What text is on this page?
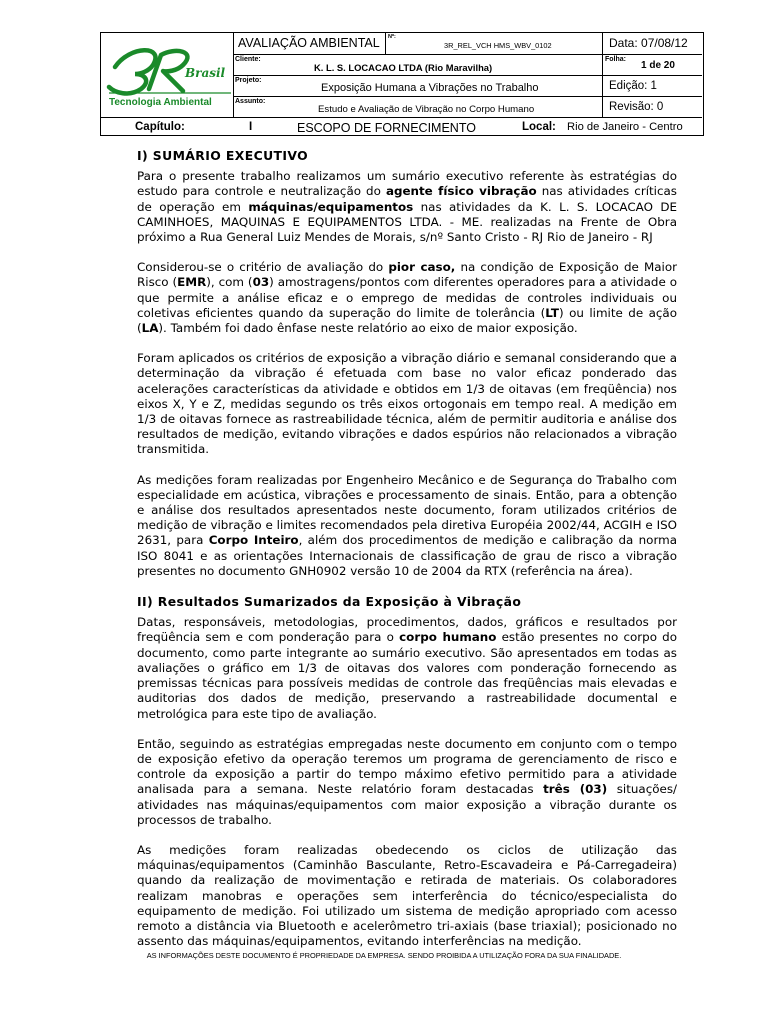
Brasil
Tecnologia Ambiental
AVALIAÇÃO AMBIENTAL Nº:
3R_REL_VCH HMS_WBV_0102	Data: 07/08/12
Cliente:
K. L. S. LOCACAO LTDA (Rio Maravilha)
Folha:
1 de 20
Projeto:
Exposição Humana a Vibrações no Trabalho	Edição: 1
Assunto:
Estudo e Avaliação de Vibração no Corpo Humano	Revisão: 0
Capítulo:	I	ESCOPO DE FORNECIMENTO	Local: Rio de Janeiro - Centro
I) SUMÁRIO EXECUTIVO

Para o presente trabalho realizamos um sumário executivo referente às estratégias do estudo para controle e neutralização do agente físico vibração nas atividades críticas de operação em máquinas/equipamentos nas atividades da K. L. S. LOCACAO DE CAMINHOES, MAQUINAS E EQUIPAMENTOS LTDA. - ME. realizadas na Frente de Obra próximo a Rua General Luiz Mendes de Morais, s/nº Santo Cristo - RJ Rio de Janeiro - RJ

Considerou-se o critério de avaliação do pior caso, na condição de Exposição de Maior Risco (EMR), com (03) amostragens/pontos com diferentes operadores para a atividade o que permite a análise eficaz e o emprego de medidas de controles individuais ou coletivas eficientes quando da superação do limite de tolerância (LT) ou limite de ação (LA). Também foi dado ênfase neste relatório ao eixo de maior exposição.

Foram aplicados os critérios de exposição a vibração diário e semanal considerando que a determinação da vibração é efetuada com base no valor eficaz ponderado das acelerações características da atividade e obtidos em 1/3 de oitavas (em freqüência) nos eixos X, Y e Z, medidas segundo os três eixos ortogonais em tempo real. A medição em 1/3 de oitavas fornece as rastreabilidade técnica, além de permitir auditoria e análise dos resultados de medição, evitando vibrações e dados espúrios não relacionados a vibração transmitida.

As medições foram realizadas por Engenheiro Mecânico e de Segurança do Trabalho com especialidade em acústica, vibrações e processamento de sinais. Então, para a obtenção e análise dos resultados apresentados neste documento, foram utilizados critérios de medição de vibração e limites recomendados pela diretiva Européia 2002/44, ACGIH e ISO 2631, para Corpo Inteiro, além dos procedimentos de medição e calibração da norma ISO 8041 e as orientações Internacionais de classificação de grau de risco a vibração presentes no documento GNH0902 versão 10 de 2004 da RTX (referência na área).

II) Resultados Sumarizados da Exposição à Vibração

Datas, responsáveis, metodologias, procedimentos, dados, gráficos e resultados por freqüência sem e com ponderação para o corpo humano estão presentes no corpo do documento, como parte integrante ao sumário executivo. São apresentados em todas as avaliações o gráfico em 1/3 de oitavas dos valores com ponderação fornecendo as premissas técnicas para possíveis medidas de controle das freqüências mais elevadas e auditorias dos dados de medição, preservando a rastreabilidade documental e metrológica para este tipo de avaliação.

Então, seguindo as estratégias empregadas neste documento em conjunto com o tempo de exposição efetivo da operação teremos um programa de gerenciamento de risco e controle da exposição a partir do tempo máximo efetivo permitido para a atividade analisada para a semana. Neste relatório foram destacadas três (03) situações/ atividades nas máquinas/equipamentos com maior exposição a vibração durante os processos de trabalho.

As medições foram realizadas obedecendo os ciclos de utilização das máquinas/equipamentos (Caminhão Basculante, Retro-Escavadeira e Pá-Carregadeira) quando da realização de movimentação e retirada de materiais. Os colaboradores realizam manobras e operações sem interferência do técnico/especialista do equipamento de medição. Foi utilizado um sistema de medição apropriado com acesso remoto a distância via Bluetooth e acelerômetro tri-axiais (base triaxial); posicionado no assento das máquinas/equipamentos, evitando interferências na medição.

AS INFORMAÇÕES DESTE DOCUMENTO É PROPRIEDADE DA EMPRESA. SENDO PROIBIDA A UTILIZAÇÃO FORA DA SUA FINALIDADE.
